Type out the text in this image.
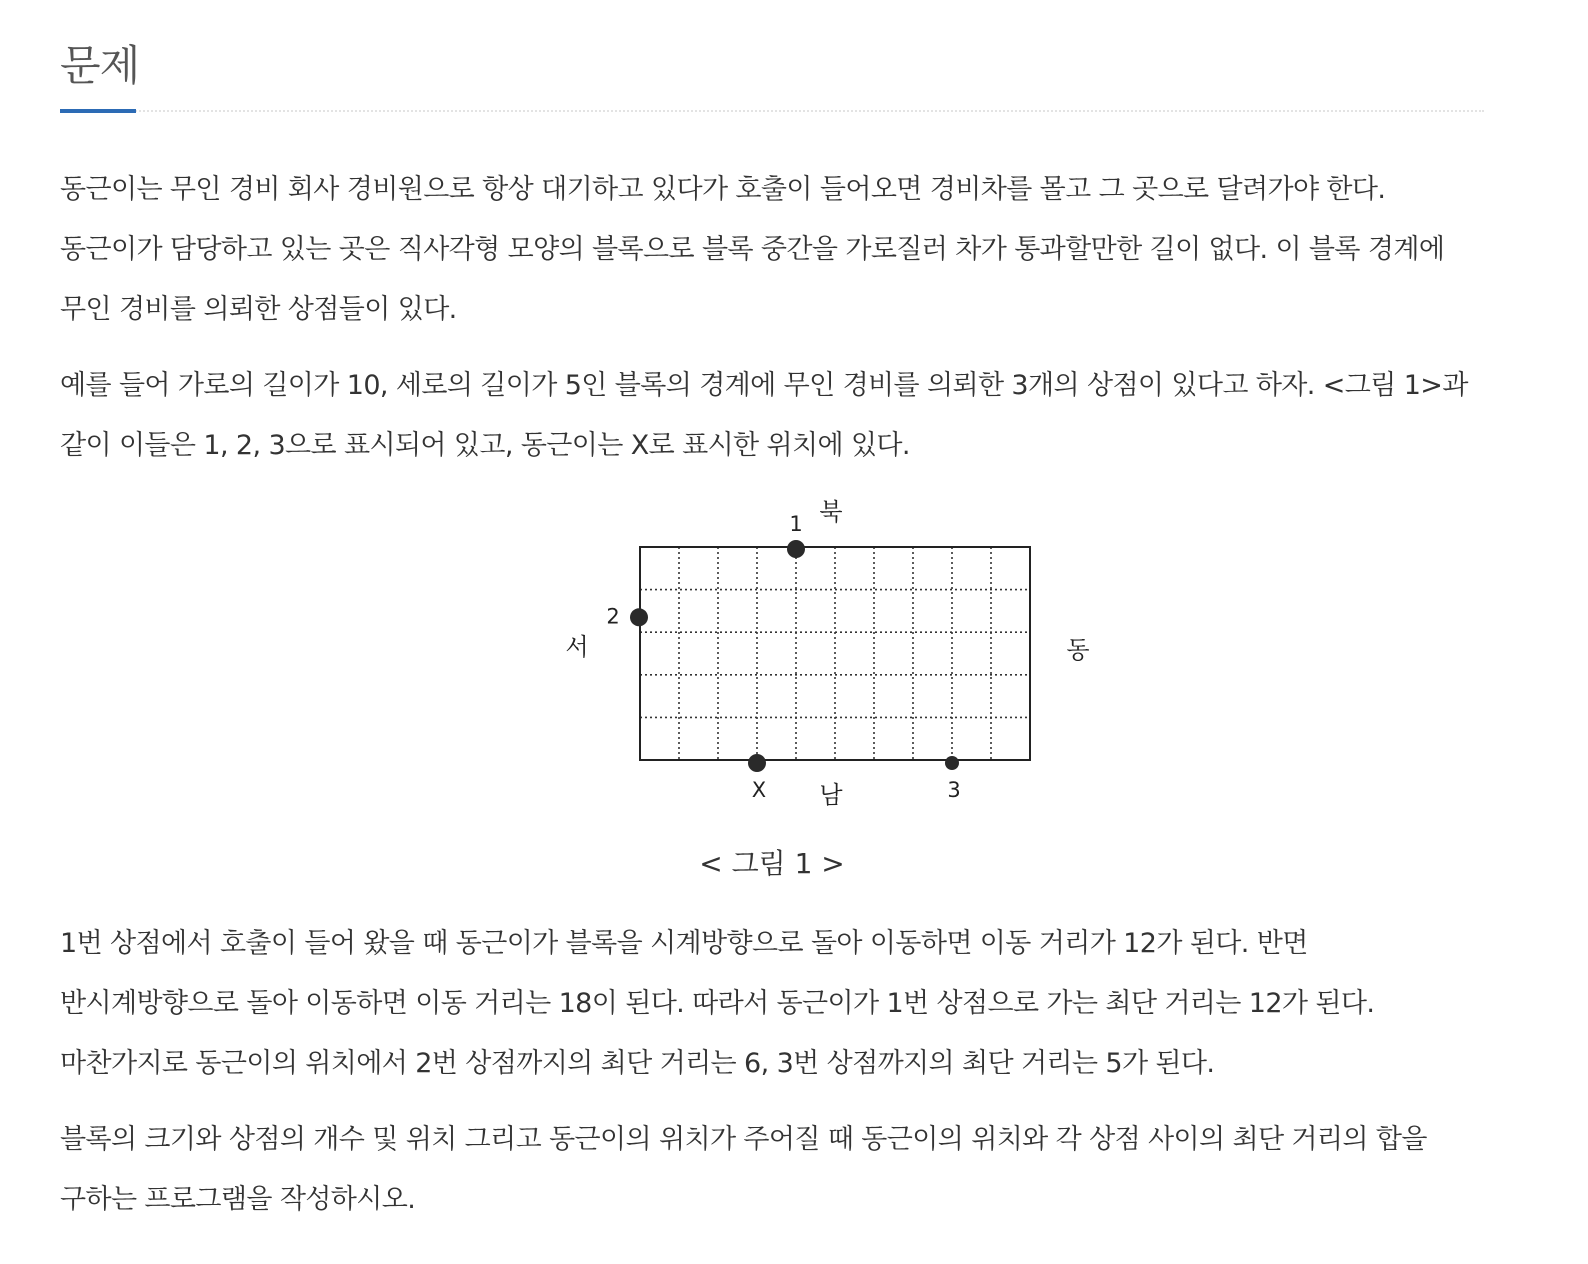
문제

동근이는 무인 경비 회사 경비원으로 항상 대기하고 있다가 호출이 들어오면 경비차를 몰고 그 곳으로 달려가야 한다. 동근이가 담당하고 있는 곳은 직사각형 모양의 블록으로 블록 중간을 가로질러 차가 통과할만한 길이 없다. 이 블록 경계에 무인 경비를 의뢰한 상점들이 있다.

예를 들어 가로의 길이가 10, 세로의 길이가 5인 블록의 경계에 무인 경비를 의뢰한 3개의 상점이 있다고 하자. <그림 1>과 같이 이들은 1, 2, 3으로 표시되어 있고, 동근이는 X로 표시한 위치에 있다.

1
2
3
X
북
남
서	동

< 그림 1 >

1번 상점에서 호출이 들어 왔을 때 동근이가 블록을 시계방향으로 돌아 이동하면 이동 거리가 12가 된다. 반면 반시계방향으로 돌아 이동하면 이동 거리는 18이 된다. 따라서 동근이가 1번 상점으로 가는 최단 거리는 12가 된다. 마찬가지로 동근이의 위치에서 2번 상점까지의 최단 거리는 6, 3번 상점까지의 최단 거리는 5가 된다.

블록의 크기와 상점의 개수 및 위치 그리고 동근이의 위치가 주어질 때 동근이의 위치와 각 상점 사이의 최단 거리의 합을 구하는 프로그램을 작성하시오.
